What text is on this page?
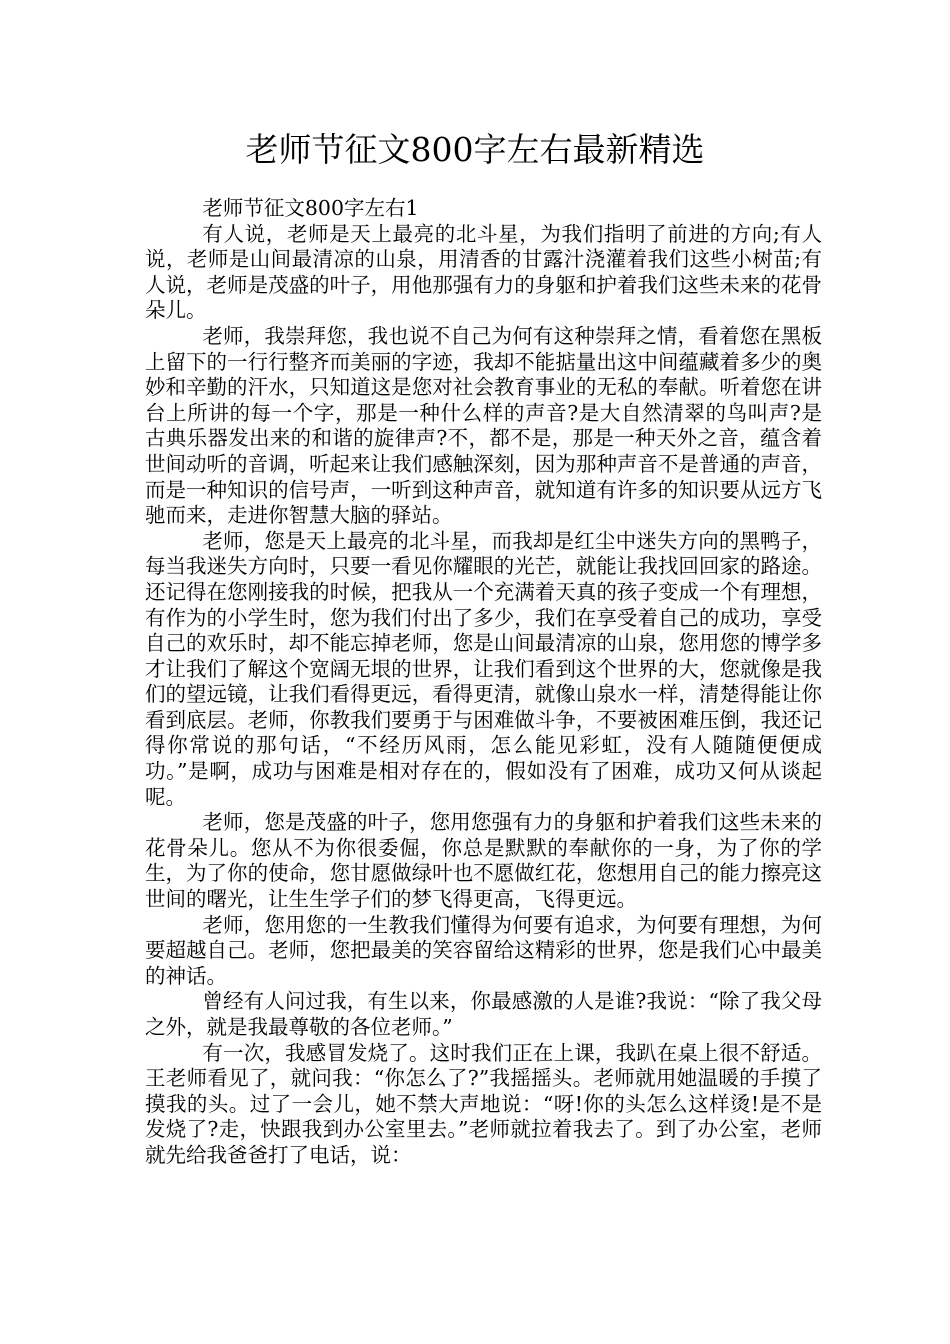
老师节征文800字左右最新精选

老师节征文800字左右1

有人说，老师是天上最亮的北斗星，为我们指明了前进的方向;有人说，老师是山间最清凉的山泉，用清香的甘露汁浇灌着我们这些小树苗;有人说，老师是茂盛的叶子，用他那强有力的身躯和护着我们这些未来的花骨朵儿。

老师，我崇拜您，我也说不自己为何有这种崇拜之情，看着您在黑板上留下的一行行整齐而美丽的字迹，我却不能掂量出这中间蕴藏着多少的奥妙和辛勤的汗水，只知道这是您对社会教育事业的无私的奉献。听着您在讲台上所讲的每一个字，那是一种什么样的声音?是大自然清翠的鸟叫声?是古典乐器发出来的和谐的旋律声?不，都不是，那是一种天外之音，蕴含着世间动听的音调，听起来让我们感触深刻，因为那种声音不是普通的声音，而是一种知识的信号声，一听到这种声音，就知道有许多的知识要从远方飞驰而来，走进你智慧大脑的驿站。

老师，您是天上最亮的北斗星，而我却是红尘中迷失方向的黑鸭子，每当我迷失方向时，只要一看见你耀眼的光芒，就能让我找回回家的路途。还记得在您刚接我的时候，把我从一个充满着天真的孩子变成一个有理想，有作为的小学生时，您为我们付出了多少，我们在享受着自己的成功，享受自己的欢乐时，却不能忘掉老师，您是山间最清凉的山泉，您用您的博学多才让我们了解这个宽阔无垠的世界，让我们看到这个世界的大，您就像是我们的望远镜，让我们看得更远，看得更清，就像山泉水一样，清楚得能让你看到底层。老师，你教我们要勇于与困难做斗争，不要被困难压倒，我还记得你常说的那句话，“不经历风雨，怎么能见彩虹，没有人随随便便成功。”是啊，成功与困难是相对存在的，假如没有了困难，成功又何从谈起呢。

老师，您是茂盛的叶子，您用您强有力的身躯和护着我们这些未来的花骨朵儿。您从不为你很委倔，你总是默默的奉献你的一身，为了你的学生，为了你的使命，您甘愿做绿叶也不愿做红花，您想用自己的能力擦亮这世间的曙光，让生生学子们的梦飞得更高，飞得更远。

老师，您用您的一生教我们懂得为何要有追求，为何要有理想，为何要超越自己。老师，您把最美的笑容留给这精彩的世界，您是我们心中最美的神话。

曾经有人问过我，有生以来，你最感激的人是谁?我说：“除了我父母之外，就是我最尊敬的各位老师。”

有一次，我感冒发烧了。这时我们正在上课，我趴在桌上很不舒适。王老师看见了，就问我：“你怎么了?”我摇摇头。老师就用她温暖的手摸了摸我的头。过了一会儿，她不禁大声地说：“呀!你的头怎么这样烫!是不是发烧了?走，快跟我到办公室里去。”老师就拉着我去了。到了办公室，老师就先给我爸爸打了电话，说：
